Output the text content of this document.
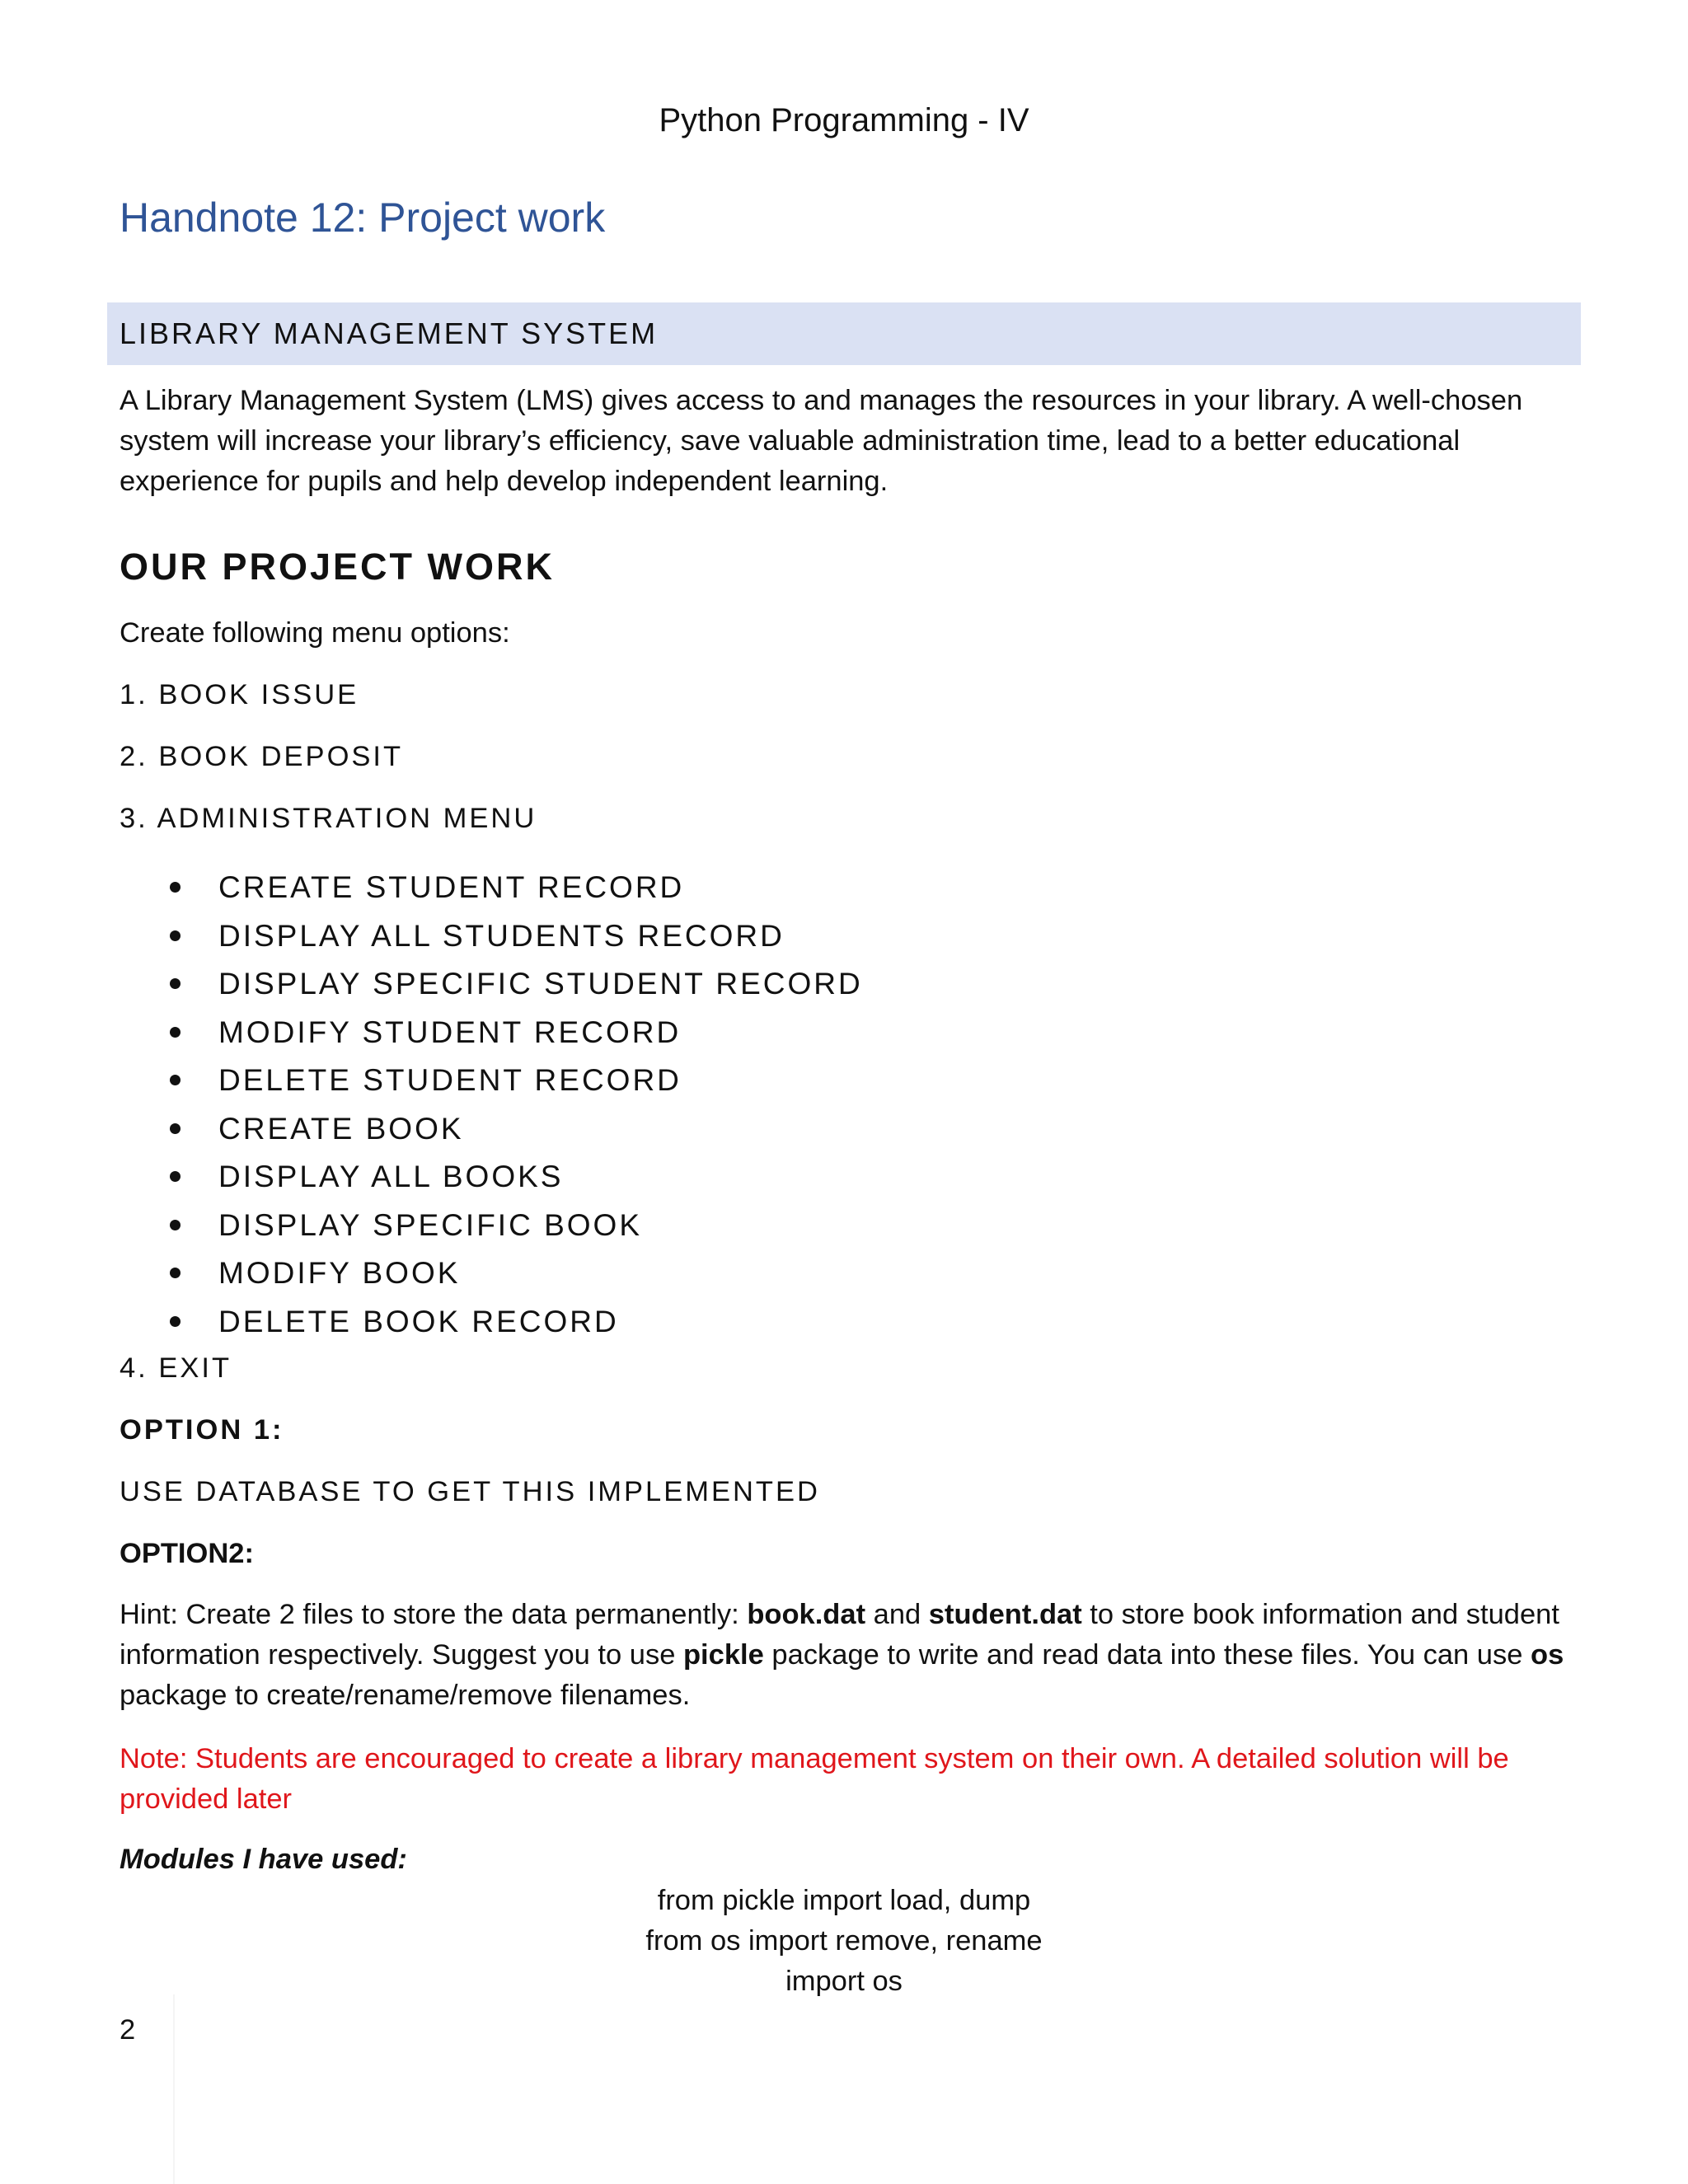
Python Programming - IV
Handnote 12: Project work
LIBRARY MANAGEMENT SYSTEM

A Library Management System (LMS) gives access to and manages the resources in your library. A well-chosen system will increase your library’s efficiency, save valuable administration time, lead to a better educational experience for pupils and help develop independent learning.

OUR PROJECT WORK

Create following menu options:

1. BOOK ISSUE

2. BOOK DEPOSIT

3. ADMINISTRATION MENU

CREATE STUDENT RECORD
DISPLAY ALL STUDENTS RECORD
DISPLAY SPECIFIC STUDENT RECORD
MODIFY STUDENT RECORD
DELETE STUDENT RECORD
CREATE BOOK
DISPLAY ALL BOOKS
DISPLAY SPECIFIC BOOK
MODIFY BOOK
DELETE BOOK RECORD

4. EXIT

OPTION 1:

USE DATABASE TO GET THIS IMPLEMENTED

OPTION2:

Hint: Create 2 files to store the data permanently: book.dat and student.dat to store book information and student information respectively. Suggest you to use pickle package to write and read data into these files. You can use os package to create/rename/remove filenames.

Note: Students are encouraged to create a library management system on their own. A detailed solution will be provided later

Modules I have used:

from pickle import load, dump
from os import remove, rename
import os
2
